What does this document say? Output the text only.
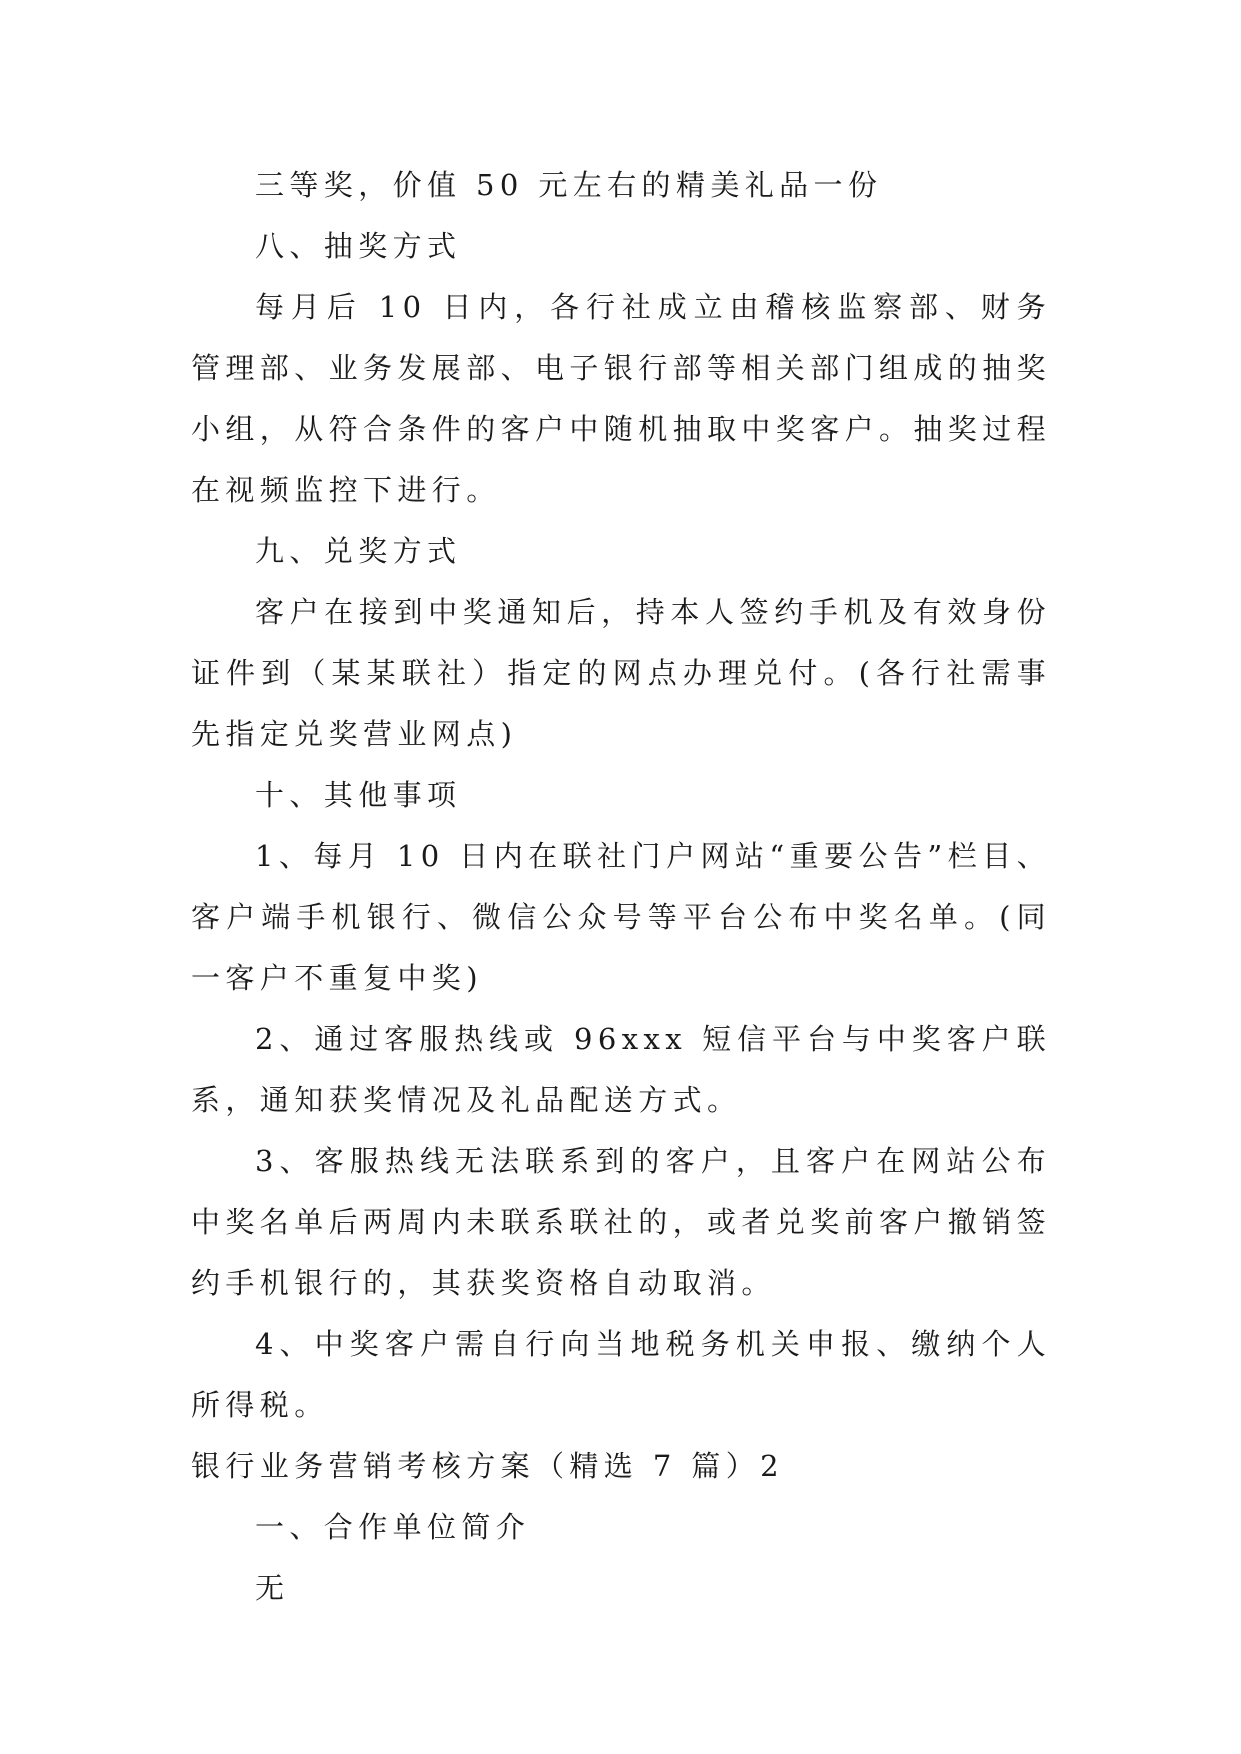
三等奖，价值 50 元左右的精美礼品一份

八、抽奖方式

每月后 10 日内，各行社成立由稽核监察部、财务管理部、业务发展部、电子银行部等相关部门组成的抽奖小组，从符合条件的客户中随机抽取中奖客户。抽奖过程在视频监控下进行。

九、兑奖方式

客户在接到中奖通知后，持本人签约手机及有效身份证件到（某某联社）指定的网点办理兑付。(各行社需事先指定兑奖营业网点)

十、其他事项

1、每月 10 日内在联社门户网站“重要公告”栏目、客户端手机银行、微信公众号等平台公布中奖名单。(同一客户不重复中奖)

2、通过客服热线或 96xxx 短信平台与中奖客户联系，通知获奖情况及礼品配送方式。

3、客服热线无法联系到的客户，且客户在网站公布中奖名单后两周内未联系联社的，或者兑奖前客户撤销签约手机银行的，其获奖资格自动取消。

4、中奖客户需自行向当地税务机关申报、缴纳个人所得税。

银行业务营销考核方案（精选 7 篇）2

一、合作单位简介

无
